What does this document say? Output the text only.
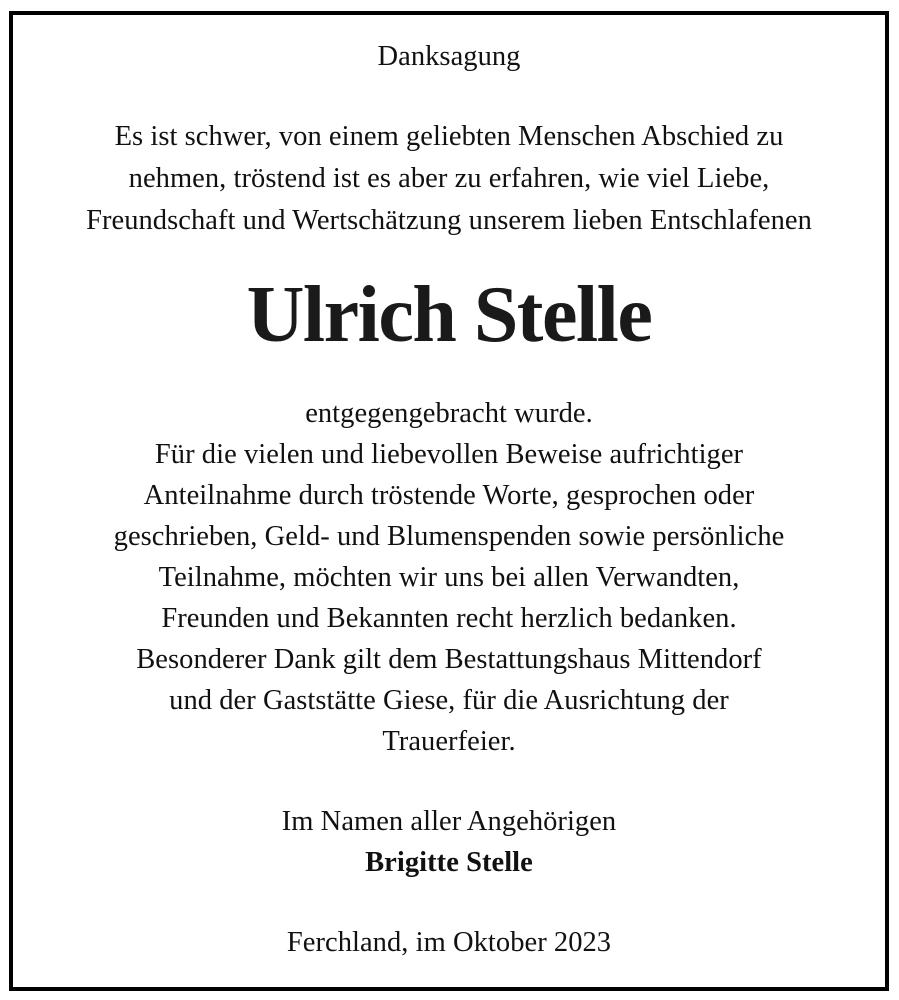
Danksagung
Es ist schwer, von einem geliebten Menschen Abschied zu
nehmen, tröstend ist es aber zu erfahren, wie viel Liebe,
Freundschaft und Wertschätzung unserem lieben Entschlafenen
Ulrich Stelle
entgegengebracht wurde.
Für die vielen und liebevollen Beweise aufrichtiger
Anteilnahme durch tröstende Worte, gesprochen oder
geschrieben, Geld- und Blumenspenden sowie persönliche
Teilnahme, möchten wir uns bei allen Verwandten,
Freunden und Bekannten recht herzlich bedanken.
Besonderer Dank gilt dem Bestattungshaus Mittendorf
und der Gaststätte Giese, für die Ausrichtung der
Trauerfeier.
Im Namen aller Angehörigen
Brigitte Stelle
Ferchland, im Oktober 2023
